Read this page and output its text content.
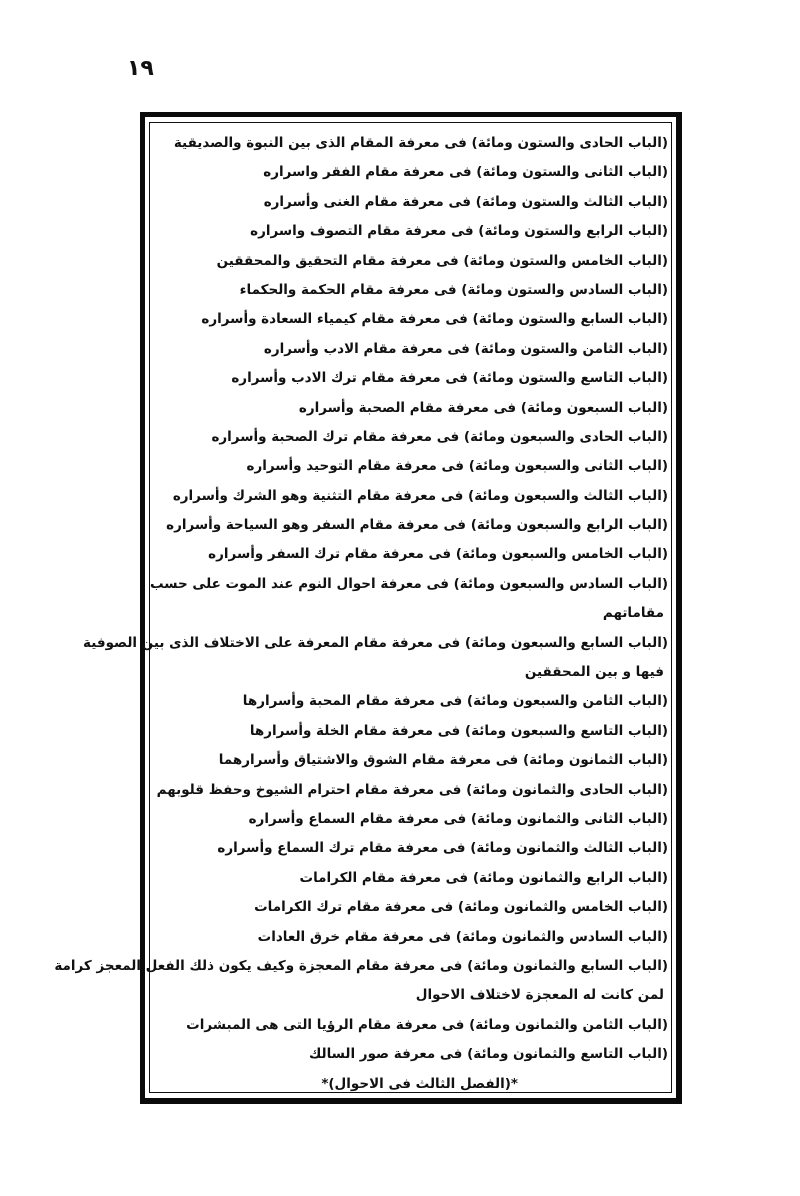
١٩
(الباب الحادى والستون ومائة) فى معرفة المقام الذى بين النبوة والصديقية
(الباب الثانى والستون ومائة) فى معرفة مقام الفقر واسراره
(الباب الثالث والستون ومائة) فى معرفة مقام الغنى وأسراره
(الباب الرابع والستون ومائة) فى معرفة مقام التصوف واسراره
(الباب الخامس والستون ومائة) فى معرفة مقام التحقيق والمحققين
(الباب السادس والستون ومائة) فى معرفة مقام الحكمة والحكماء
(الباب السابع والستون ومائة) فى معرفة مقام كيمياء السعادة وأسراره
(الباب الثامن والستون ومائة) فى معرفة مقام الادب وأسراره
(الباب التاسع والستون ومائة) فى معرفة مقام ترك الادب وأسراره
(الباب السبعون ومائة) فى معرفة مقام الصحبة وأسراره
(الباب الحادى والسبعون ومائة) فى معرفة مقام ترك الصحبة وأسراره
(الباب الثانى والسبعون ومائة) فى معرفة مقام التوحيد وأسراره
(الباب الثالث والسبعون ومائة) فى معرفة مقام التثنية وهو الشرك وأسراره
(الباب الرابع والسبعون ومائة) فى معرفة مقام السفر وهو السياحة وأسراره
(الباب الخامس والسبعون ومائة) فى معرفة مقام ترك السفر وأسراره
(الباب السادس والسبعون ومائة) فى معرفة احوال النوم عند الموت على حسب
مقاماتهم
(الباب السابع والسبعون ومائة) فى معرفة مقام المعرفة على الاختلاف الذى بين الصوفية
فيها و بين المحققين
(الباب الثامن والسبعون ومائة) فى معرفة مقام المحبة وأسرارها
(الباب التاسع والسبعون ومائة) فى معرفة مقام الخلة وأسرارها
(الباب الثمانون ومائة) فى معرفة مقام الشوق والاشتياق وأسرارهما
(الباب الحادى والثمانون ومائة) فى معرفة مقام احترام الشيوخ وحفظ قلوبهم
(الباب الثانى والثمانون ومائة) فى معرفة مقام السماع وأسراره
(الباب الثالث والثمانون ومائة) فى معرفة مقام ترك السماع وأسراره
(الباب الرابع والثمانون ومائة) فى معرفة مقام الكرامات
(الباب الخامس والثمانون ومائة) فى معرفة مقام ترك الكرامات
(الباب السادس والثمانون ومائة) فى معرفة مقام خرق العادات
(الباب السابع والثمانون ومائة) فى معرفة مقام المعجزة وكيف يكون ذلك الفعل المعجز كرامة
لمن كانت له المعجزة لاختلاف الاحوال
(الباب الثامن والثمانون ومائة) فى معرفة مقام الرؤيا التى هى المبشرات
(الباب التاسع والثمانون ومائة) فى معرفة صور السالك
*(الفصل الثالث فى الاحوال)*
